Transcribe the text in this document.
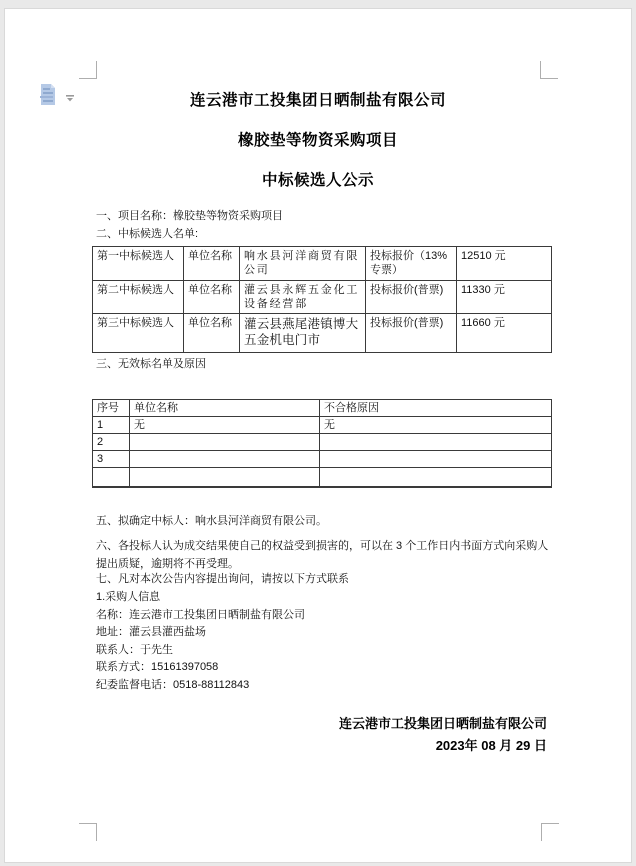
连云港市工投集团日晒制盐有限公司
橡胶垫等物资采购项目
中标候选人公示
一、项目名称：橡胶垫等物资采购项目
二、中标候选人名单:
第一中标候选人	单位名称	响水县河洋商贸有限公司	投标报价（13%专票）	12510 元
第二中标候选人	单位名称	灌云县永辉五金化工设备经营部	投标报价(普票)	11330 元
第三中标候选人	单位名称	灌云县燕尾港镇博大五金机电门市	投标报价(普票)	11660 元
三、无效标名单及原因
序号	单位名称	不合格原因
1	无	无
2		
3		

五、拟确定中标人：响水县河洋商贸有限公司。
六、各投标人认为成交结果使自己的权益受到损害的，可以在 3 个工作日内书面方式向采购人提出质疑，逾期将不再受理。
七、凡对本次公告内容提出询问，请按以下方式联系
1.采购人信息
名称：连云港市工投集团日晒制盐有限公司
地址：灌云县灌西盐场
联系人：于先生
联系方式：15161397058
纪委监督电话：0518-88112843
连云港市工投集团日晒制盐有限公司
2023年 08 月 29 日
